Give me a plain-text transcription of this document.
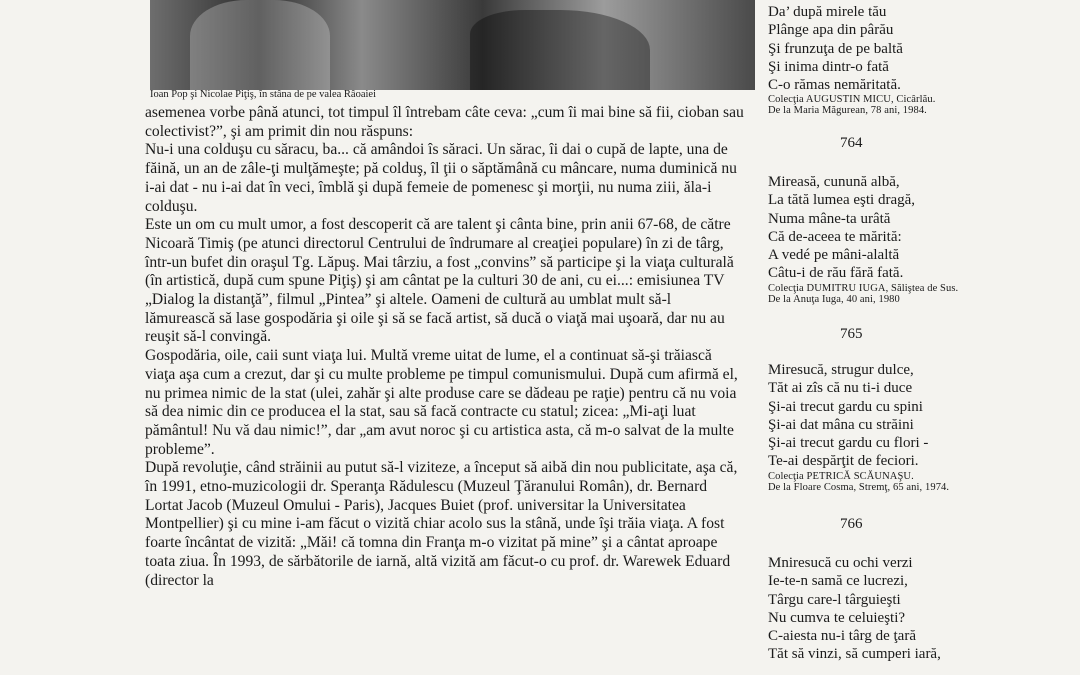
Ioan Pop şi Nicolae Piţiş, în stâna de pe valea Râoaiei

asemenea vorbe până atunci, tot timpul îl întrebam câte ceva: „cum îi mai bine să fii, cioban sau colectivist?”, şi am primit din nou răspuns:

Nu-i una colduşu cu săracu, ba... că amândoi îs săraci. Un sărac, îi dai o cupă de lapte, una de făină, un an de zâle-ţi mulţămeşte; pă colduş, îl ţii o săptămână cu mâncare, numa duminică nu i-ai dat - nu i-ai dat în veci, îmblă şi după femeie de pomenesc şi morţii, nu numa ziii, ăla-i colduşu.

Este un om cu mult umor, a fost descoperit că are talent şi cânta bine, prin anii 67-68, de către Nicoară Timiş (pe atunci directorul Centrului de îndrumare al creaţiei populare) în zi de târg, într-un bufet din oraşul Tg. Lăpuş. Mai târziu, a fost „convins” să participe şi la viaţa culturală (în artistică, după cum spune Piţiş) şi am cântat pe la culturi 30 de ani, cu ei...: emisiunea TV „Dialog la distanţă”, filmul „Pintea” şi altele. Oameni de cultură au umblat mult să-l lămurească să lase gospodăria şi oile şi să se facă artist, să ducă o viaţă mai uşoară, dar nu au reuşit să-l convingă.

Gospodăria, oile, caii sunt viaţa lui. Multă vreme uitat de lume, el a continuat să-şi trăiască viaţa aşa cum a crezut, dar şi cu multe probleme pe timpul comunismului. După cum afirmă el, nu primea nimic de la stat (ulei, zahăr şi alte produse care se dădeau pe raţie) pentru că nu voia să dea nimic din ce producea el la stat, sau să facă contracte cu statul; zicea: „Mi-aţi luat pământul! Nu vă dau nimic!”, dar „am avut noroc şi cu artistica asta, că m-o salvat de la multe probleme”.

După revoluţie, când străinii au putut să-l viziteze, a început să aibă din nou publicitate, aşa că, în 1991, etno-muzicologii dr. Speranţa Rădulescu (Muzeul Ţăranului Român), dr. Bernard Lortat Jacob (Muzeul Omului - Paris), Jacques Buiet (prof. universitar la Universitatea Montpellier) şi cu mine i-am făcut o vizită chiar acolo sus la stână, unde îşi trăia viaţa. A fost foarte încântat de vizită: „Măi! că tomna din Franţa m-o vizitat pă mine” şi a cântat aproape toata ziua. În 1993, de sărbătorile de iarnă, altă vizită am făcut-o cu prof. dr. Warewek Eduard (director la

Da’ după mirele tău
Plânge apa din pârău
Şi frunzuţa de pe baltă
Şi inima dintr-o fată
C-o rămas nemăritată.
Colecţia AUGUSTIN MICU, Cicârlău.
De la Maria Măgurean, 78 ani, 1984.
764
Mireasă, cunună albă,
La tătă lumea eşti dragă,
Numa mâne-ta urâtă
Că de-aceea te mărită:
A vedé pe mâni-alaltă
Câtu-i de rău fără fată.
Colecţia DUMITRU IUGA, Săliştea de Sus.
De la Anuţa Iuga, 40 ani, 1980
765
Miresucă, strugur dulce,
Tăt ai zîs că nu ti-i duce
Şi-ai trecut gardu cu spini
Şi-ai dat mâna cu străini
Şi-ai trecut gardu cu flori -
Te-ai despărţit de feciori.
Colecţia PETRICĂ SCĂUNAŞU.
De la Floare Cosma, Stremţ, 65 ani, 1974.
766
Mniresucă cu ochi verzi
Ie-te-n samă ce lucrezi,
Târgu care-l târguieşti
Nu cumva te celuieşti?
C-aiesta nu-i târg de ţară
Tăt să vinzi, să cumperi iară,
